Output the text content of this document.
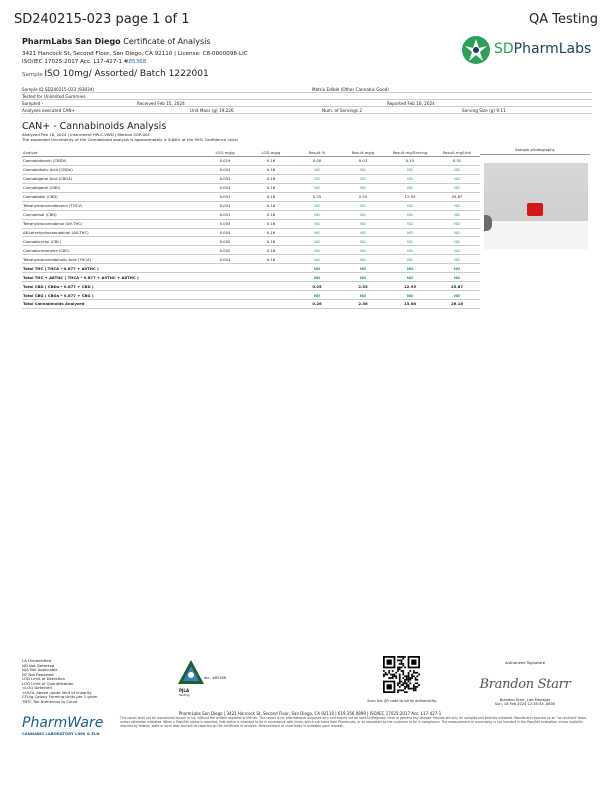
SD240215-023 page 1 of 1	QA Testing
PharmLabs San Diego Certificate of Analysis
3421 Hancock St, Second Floor, San Diego, CA 92110 | License: C8-0000098-LIC
ISO/IEC 17025:2017 Acc. L17-427-1 #85368
SDPharmLabs
Sample ISO 10mg/ Assorted/ Batch 1222001
Sample ID SD240215-023 (93034)	Matrix Edible (Other Cannabis Good)
Tested for Unlimited Gummies
Sampled -	Received Feb 15, 2024	Reported Feb 16, 2024
Analyses executed CAN+	Unit Mass (g) 19.226	Num. of Servings 2	Serving Size (g) 9.11
CAN+ - Cannabinoids Analysis
Analyzed Feb 16, 2024 | Instrument HPLC-VWD | Method SOP-001
The expanded Uncertainty of the Cannabinoid analysis is approximately ± 8.86% at the 95% Confidence Level
Analyte	LOQ mg/g	LOD mg/g	Result %	Result mg/g	Result mg/Serving	Result mg/Unit
Cannabidivarin (CBDV)	0.019	0.16	0.00	0.03	0.15	0.31
Cannabidiolic Acid (CBDA)	0.001	0.16	ND	ND	ND	ND
Cannabigerol Acid (CBGA)	0.001	0.16	ND	ND	ND	ND
Cannabigerol (CBG)	0.001	0.16	ND	ND	ND	ND
Cannabidiol (CBD)	0.001	0.16	0.25	2.53	12.93	25.87
Tetrahydrocannabivarin (THCV)	0.001	0.16	ND	ND	ND	ND
Cannabinol (CBN)	0.001	0.16	ND	ND	ND	ND
Tetrahydrocannabinol (Δ9-THC)	0.003	0.16	ND	ND	ND	ND
Δ8-tetrahydrocannabinol (Δ8-THC)	0.004	0.16	ND	ND	ND	ND
Cannabicyclol (CBL)	0.002	0.16	ND	ND	ND	ND
Cannabichromene (CBC)	0.002	0.16	ND	ND	ND	ND
Tetrahydrocannabinolic Acid (THCA)	0.001	0.16	ND	ND	ND	ND
Total THC ( THCA * 0.877 + Δ9THC )			ND	ND	ND	ND
Total THC + Δ8THC ( THCA * 0.877 + Δ9THC + Δ8THC )			ND	ND	ND	ND
Total CBD ( CBDa * 0.877 + CBD )			0.25	2.53	12.93	25.87
Total CBG ( CBGa * 0.877 + CBG )			ND	ND	ND	ND
Total Cannabinoids Analyzed			0.26	2.56	13.08	26.18
Sample photography
LA Unidentified
ND Not Detected
N/A Not Applicable
NT Not Reported
LOD Limit of Detection
LOQ Limit of Quantification
<LOQ Detected
>ULOL Above upper limit of linearity
CFU/g Colony Forming Units per 1 gram
TNTC Too Numerous to Count
PharmWare
CANNABIS LABORATORY LIMS & ELN
Acc. #85368
PJLA
Testing
Scan the QR code to verify authenticity.
Authorized Signature
Brandon Starr
Brandon Starr, Lab Manager
Sun, 18 Feb 2024 12:35:33 -0800
PharmLabs San Diego | 3421 Hancock St, Second Floor, San Diego, CA 92110 | 619.356.0899 | ISO/IEC 17025:2017 Acc. L17-427-1
This report shall not be reproduced except in full, without the written approval of the lab. This report is for informational purposes only and should not be used to diagnose, treat or prevent any disease. Results are only for samples and batches indicated. Results are reported on an "as received" basis, unless otherwise indicated. When a Pass/Fail status is reported, that status is intended to be in accordance with limits, which are listed from PharmLabs, or as requested by the customer to be in compliance. The measurement of uncertainty is not included in the Pass/Fail evaluation unless explicitly required by federal, state or local laws and will be reported on the certificate of analysis. Measurement of uncertainty is available upon request.
